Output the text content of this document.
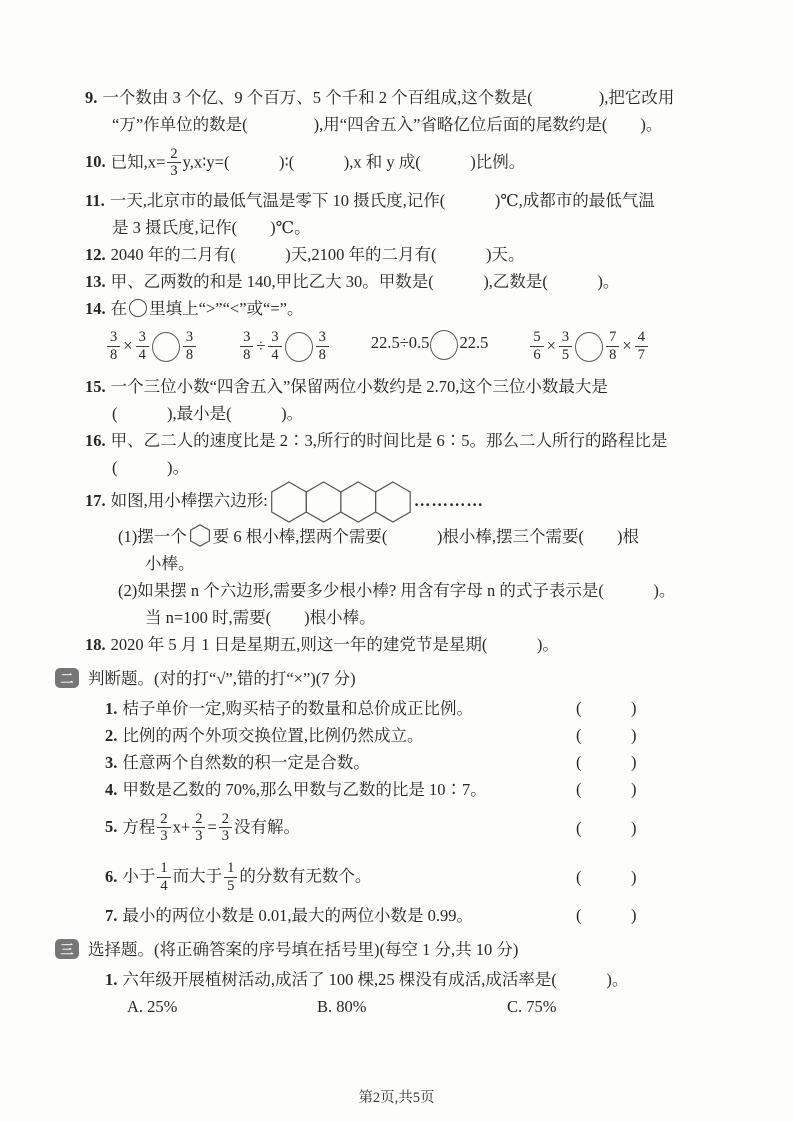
9. 一个数由 3 个亿、9 个百万、5 个千和 2 个百组成,这个数是(　　　　),把它改用
“万”作单位的数是(　　　　),用“四舍五入”省略亿位后面的尾数约是(　　)。
10. 已知$,x= \frac{2}{3}$ y,x∶y=(　　　)∶(　　　),x 和 y 成(　　　)比例。
11. 一天,北京市的最低气温是零下 10 摄氏度,记作(　　　)℃,成都市的最低气温
是 3 摄氏度,记作(　　)℃。
12. 2040 年的二月有(　　　)天,2100 年的二月有(　　　)天。
13. 甲、乙两数的和是 140,甲比乙大 30。甲数是(　　　),乙数是(　　　)。
14. 在 里填上“>”“<”或“=”。
$\frac{3}{8} \times \frac{3}{4} \frac{3}{8}$	$\frac{3}{8} \div \frac{3}{4} \frac{3}{8}$	22.5÷0.5 22.5	$\frac{5}{6} \times \frac{3}{5} \frac{7}{8} \times \frac{4}{7}$
15. 一个三位小数“四舍五入”保留两位小数约是 2.70,这个三位小数最大是
(　　　),最小是(　　　)。
16. 甲、乙二人的速度比是 2∶3,所行的时间比是 6∶5。那么二人所行的路程比是
(　　　)。
17. 如图,用小棒摆六边形:	…………
(1)摆一个 要 6 根小棒,摆两个需要(　　　)根小棒,摆三个需要(　　)根
小棒。
(2)如果摆 n 个六边形,需要多少根小棒? 用含有字母 n 的式子表示是(　　　)。
当 n=100 时,需要(　　)根小棒。
18. 2020 年 5 月 1 日是星期五,则这一年的建党节是星期(　　　)。
二 判断题。(对的打“√”,错的打“×”)(7 分)
1. 桔子单价一定,购买桔子的数量和总价成正比例。	(　　　)
2. 比例的两个外项交换位置,比例仍然成立。	(　　　)
3. 任意两个自然数的积一定是合数。	(　　　)
4. 甲数是乙数的 70%,那么甲数与乙数的比是 10∶7。	(　　　)
5. 方程 $\frac{2}{3} x+ \frac{2}{3} = \frac{2}{3}$ 没有解。	(　　　)
6. 小于 $\frac{1}{4}$ 而大于 $\frac{1}{5}$ 的分数有无数个。	(　　　)
7. 最小的两位小数是 0.01,最大的两位小数是 0.99。	(　　　)
三 选择题。(将正确答案的序号填在括号里)(每空 1 分,共 10 分)
1. 六年级开展植树活动,成活了 100 棵,25 棵没有成活,成活率是(　　　)。
A. 25%	B. 80%	C. 75%
第2页,共5页
